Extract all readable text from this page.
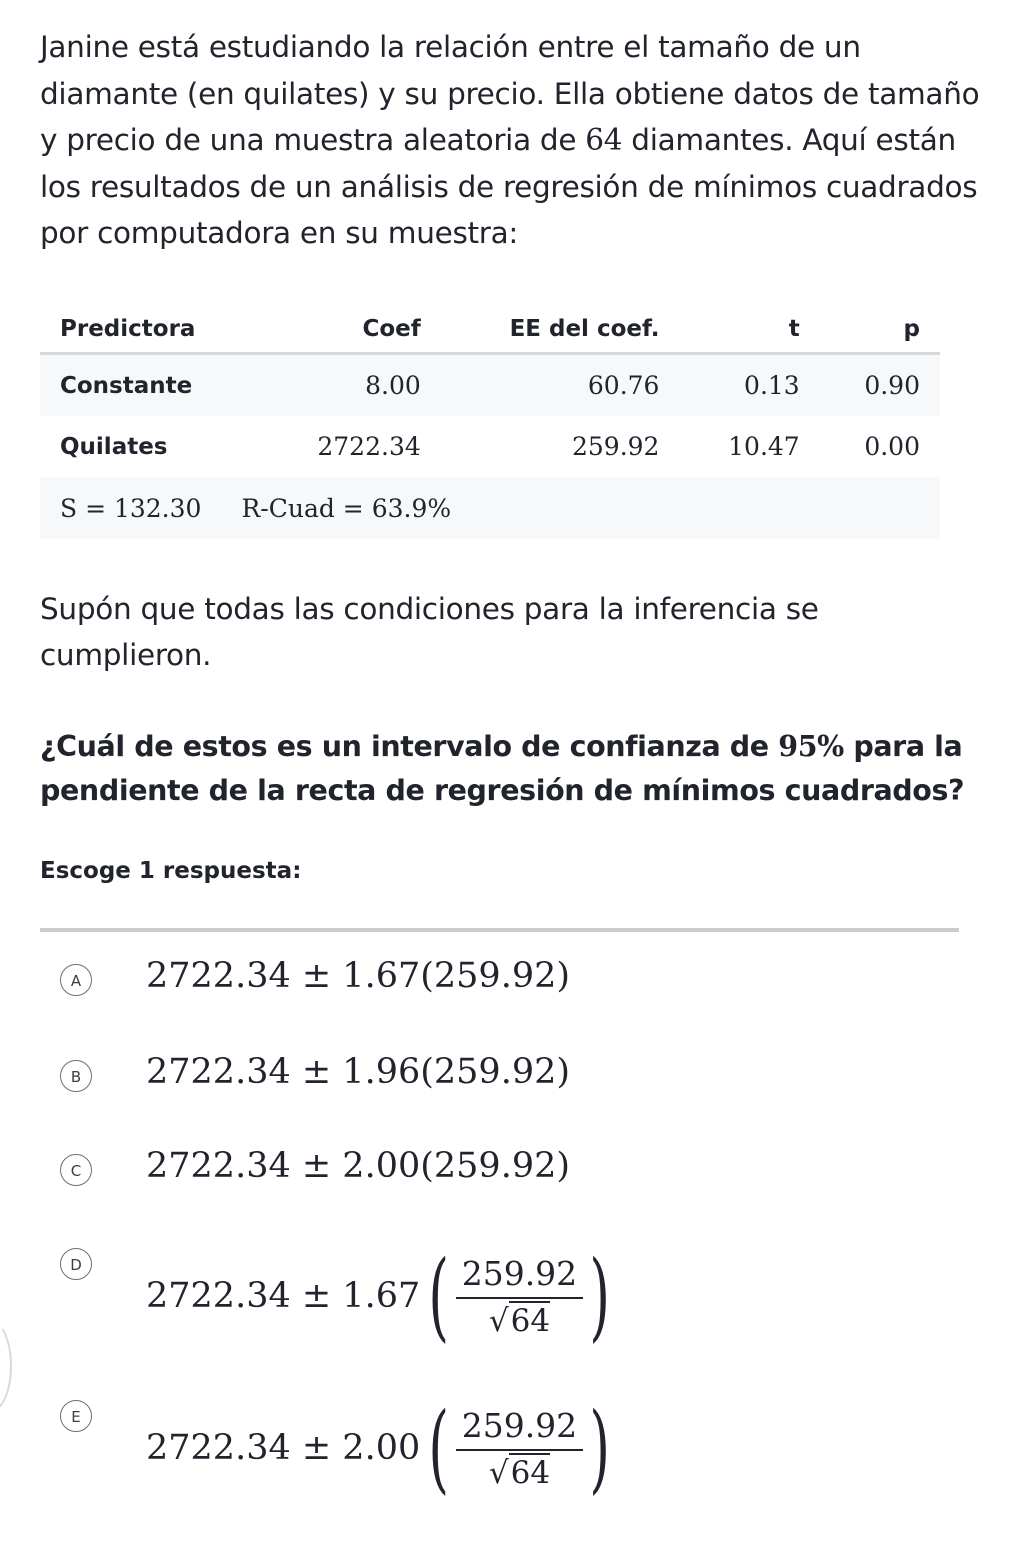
Janine está estudiando la relación entre el tamaño de un diamante (en quilates) y su precio. Ella obtiene datos de tamaño y precio de una muestra aleatoria de 64 diamantes. Aquí están los resultados de un análisis de regresión de mínimos cuadrados por computadora en su muestra:

Predictora	Coef	EE del coef.	t	p
Constante	8.00	60.76	0.13	0.90
Quilates	2722.34	259.92	10.47	0.00
S = 132.30 R-Cuad = 63.9%				
Supón que todas las condiciones para la inferencia se cumplieron.
¿Cuál de estos es un intervalo de confianza de 95% para la pendiente de la recta de regresión de mínimos cuadrados?
Escoge 1 respuesta:
A	2722.34 ± 1.67(259.92)
B	2722.34 ± 1.96(259.92)
C	2722.34 ± 2.00(259.92)
D
2722.34 ± 1.67 ( $\frac{259.92}{√64}$ )
E
2722.34 ± 2.00 ( $\frac{259.92}{√64}$ )
